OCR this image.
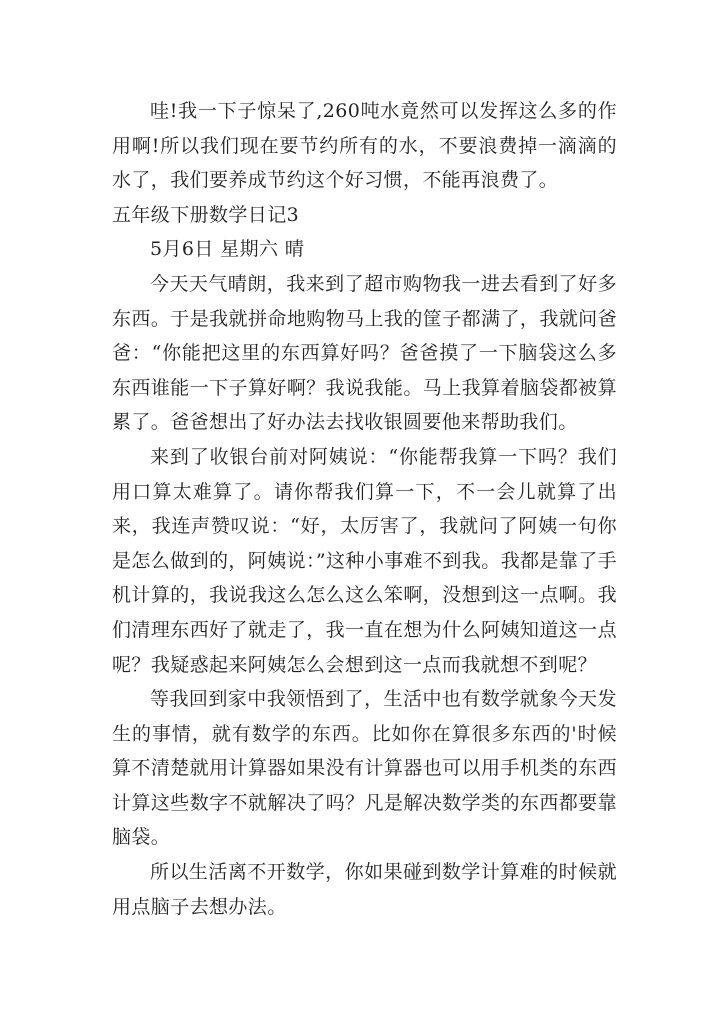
哇!我一下子惊呆了,260吨水竟然可以发挥这么多的作用啊!所以我们现在要节约所有的水，不要浪费掉一滴滴的水了，我们要养成节约这个好习惯，不能再浪费了。

五年级下册数学日记3

5月6日 星期六 晴

今天天气晴朗，我来到了超市购物我一进去看到了好多东西。于是我就拼命地购物马上我的筐子都满了，我就问爸爸：“你能把这里的东西算好吗？爸爸摸了一下脑袋这么多东西谁能一下子算好啊？我说我能。马上我算着脑袋都被算累了。爸爸想出了好办法去找收银圆要他来帮助我们。

来到了收银台前对阿姨说：“你能帮我算一下吗？我们用口算太难算了。请你帮我们算一下，不一会儿就算了出来，我连声赞叹说：“好，太厉害了，我就问了阿姨一句你是怎么做到的，阿姨说：”这种小事难不到我。我都是靠了手机计算的，我说我这么怎么这么笨啊，没想到这一点啊。我们清理东西好了就走了，我一直在想为什么阿姨知道这一点呢？我疑惑起来阿姨怎么会想到这一点而我就想不到呢？

等我回到家中我领悟到了，生活中也有数学就象今天发生的事情，就有数学的东西。比如你在算很多东西的'时候算不清楚就用计算器如果没有计算器也可以用手机类的东西计算这些数字不就解决了吗？凡是解决数学类的东西都要靠脑袋。

所以生活离不开数学，你如果碰到数学计算难的时候就用点脑子去想办法。
